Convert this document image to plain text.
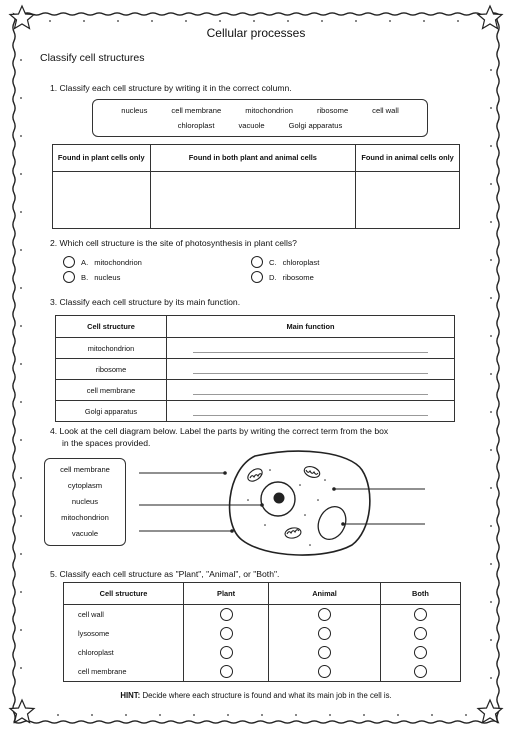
Cellular processes
Classify cell structures
1. Classify each cell structure by writing it in the correct column.
nucleus	cell membrane	mitochondrion	ribosome	cell wall
chloroplast	vacuole	Golgi apparatus
Found in plant cells only	Found in both plant and animal cells	Found in animal cells only

2. Which cell structure is the site of photosynthesis in plant cells?
A. mitochondrion
B. nucleus
C. chloroplast
D. ribosome
3. Classify each cell structure by its main function.
Cell structure	Main function
mitochondrion	

ribosome	

cell membrane	

Golgi apparatus	
4. Look at the cell diagram below. Label the parts by writing the correct term from the box
in the spaces provided.
cell membrane
cytoplasm
nucleus
mitochondrion
vacuole
5. Classify each cell structure as "Plant", "Animal", or "Both".
Cell structure	Plant	Animal	Both
cell wall			
lysosome			
chloroplast			
cell membrane			
HINT: Decide where each structure is found and what its main job in the cell is.
